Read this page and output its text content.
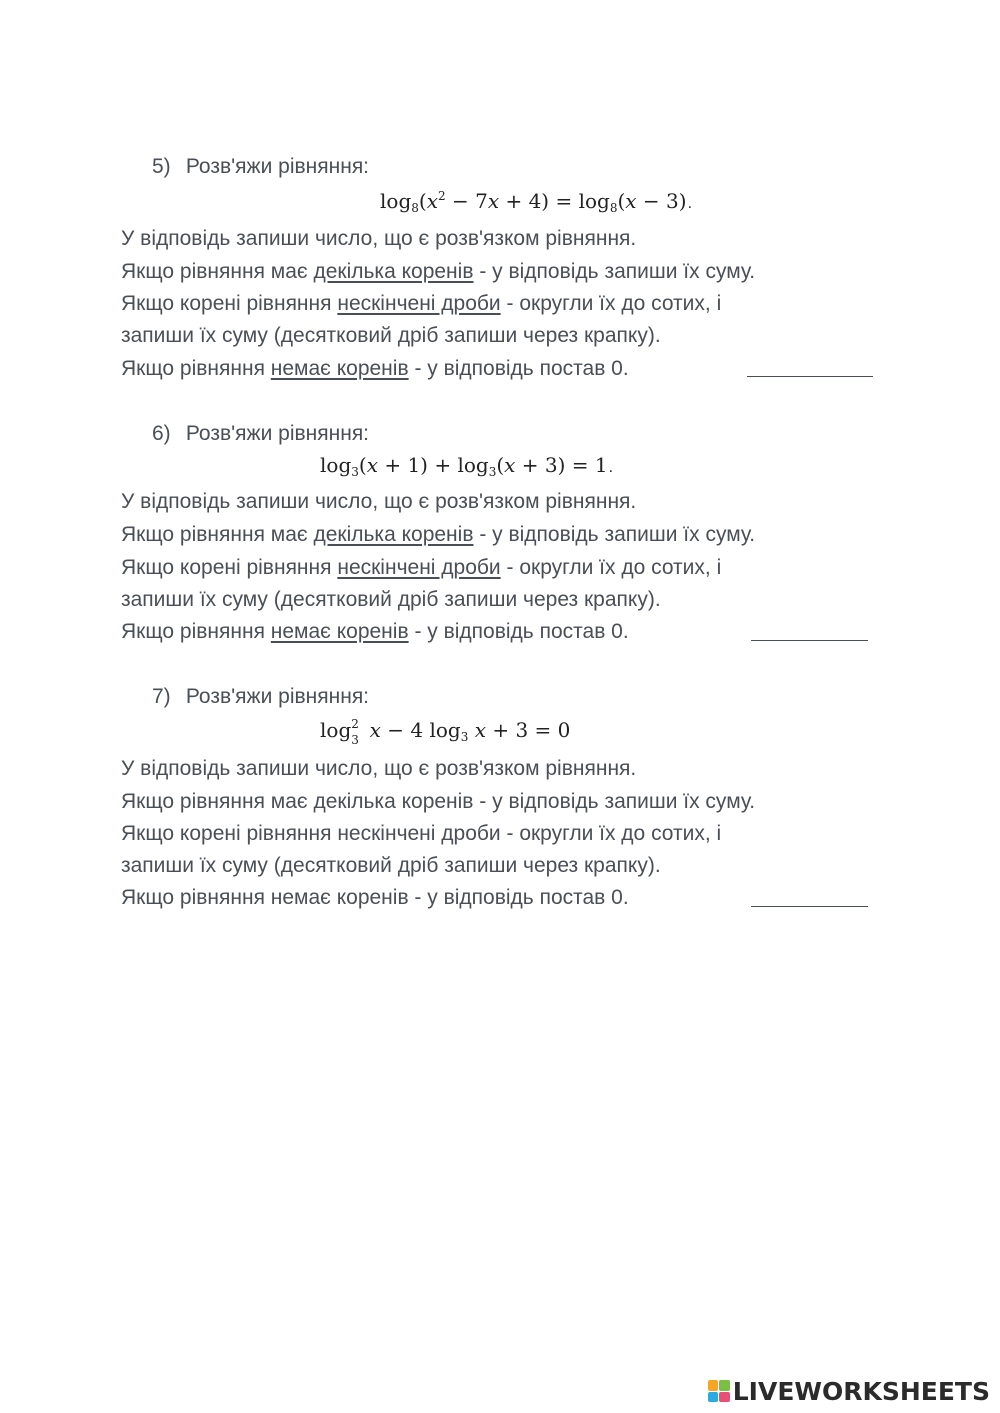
5) Розв'яжи рівняння:
$\log_8(x^2 - 7x + 4) = \log_8(x - 3)$.
У відповідь запиши число, що є розв'язком рівняння.
Якщо рівняння має декілька коренів - у відповідь запиши їх суму.
Якщо корені рівняння нескінчені дроби - округли їх до сотих, і
запиши їх суму (десятковий дріб запиши через крапку).
Якщо рівняння немає коренів - у відповідь постав 0.
6) Розв'яжи рівняння:
$\log_3(x + 1) + \log_3(x + 3) = 1$.
У відповідь запиши число, що є розв'язком рівняння.
Якщо рівняння має декілька коренів - у відповідь запиши їх суму.
Якщо корені рівняння нескінчені дроби - округли їх до сотих, і
запиши їх суму (десятковий дріб запиши через крапку).
Якщо рівняння немає коренів - у відповідь постав 0.
7) Розв'яжи рівняння:
log 2
3 x − 4 $\log_3 x + 3 = 0$
У відповідь запиши число, що є розв'язком рівняння.
Якщо рівняння має декілька коренів - у відповідь запиши їх суму.
Якщо корені рівняння нескінчені дроби - округли їх до сотих, і
запиши їх суму (десятковий дріб запиши через крапку).
Якщо рівняння немає коренів - у відповідь постав 0.
LIVEWORKSHEETS
